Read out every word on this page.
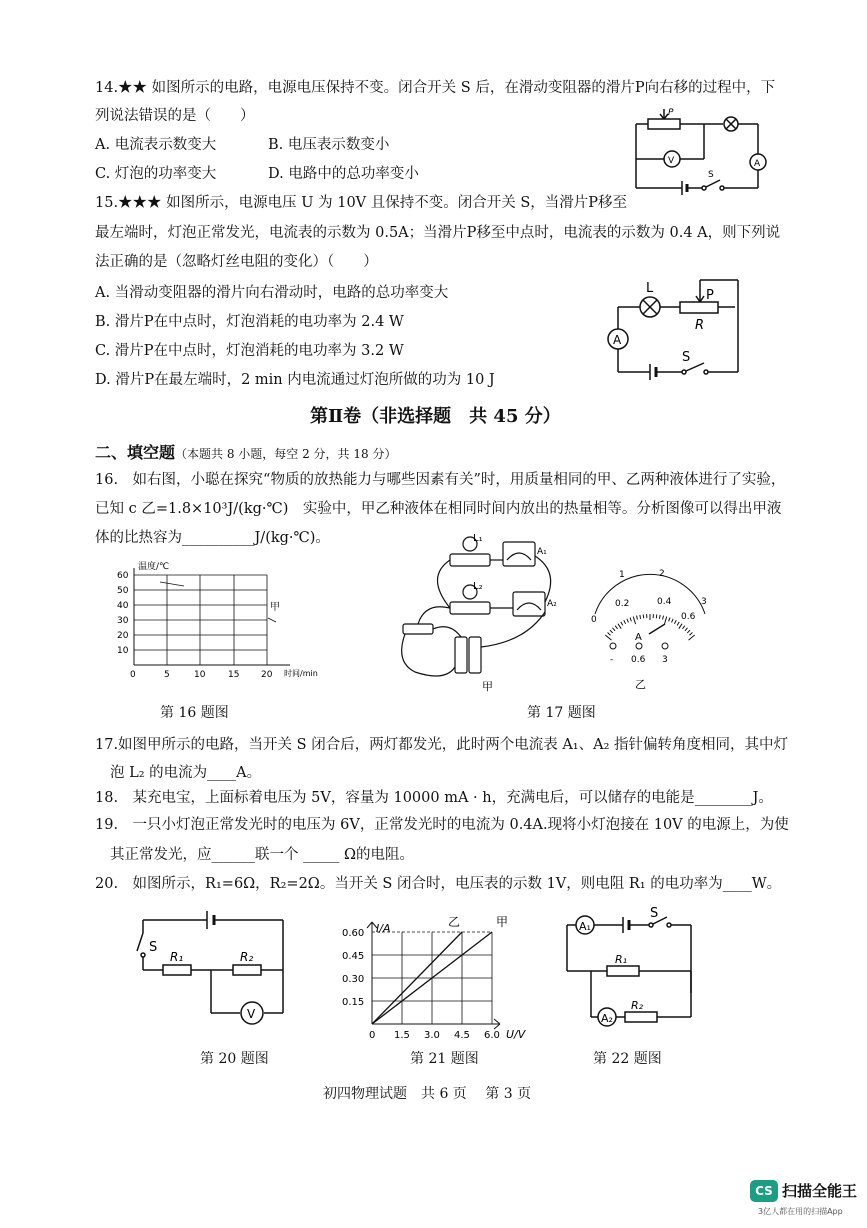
14.★★ 如图所示的电路，电源电压保持不变。闭合开关 S 后，在滑动变阻器的滑片P向右移的过程中，下
列说法错误的是（　　）
A. 电流表示数变大	B. 电压表示数变小
C. 灯泡的功率变大	D. 电路中的总功率变小
P
V	A
S
15.★★★ 如图所示，电源电压 U 为 10V 且保持不变。闭合开关 S，当滑片P移至
最左端时，灯泡正常发光，电流表的示数为 0.5A；当滑片P移至中点时，电流表的示数为 0.4 A，则下列说
法正确的是（忽略灯丝电阻的变化）（　　）
A. 当滑动变阻器的滑片向右滑动时，电路的总功率变大
B. 滑片P在中点时，灯泡消耗的电功率为 2.4 W
C. 滑片P在中点时，灯泡消耗的电功率为 3.2 W
D. 滑片P在最左端时，2 min 内电流通过灯泡所做的功为 10 J
L	P
R
A
S
第Ⅱ卷（非选择题　共 45 分）
二、填空题（本题共 8 小题，每空 2 分，共 18 分）
16.　如右图，小聪在探究“物质的放热能力与哪些因素有关”时，用质量相同的甲、乙两种液体进行了实验，
已知 c 乙=1.8×10³J/(kg·℃)　实验中，甲乙种液体在相同时间内放出的热量相等。分析图像可以得出甲液
体的比热容为__________J/(kg·℃)。
温度/℃
时间/min
60
50
40
30
20
10
0	5	10	15 20
甲
第 16 题图
L₁
L₂
A₁
A₂
甲
0
1	2
3
0.2	0.4
0.6
A
- 0.6 3
乙
第 17 题图
17.如图甲所示的电路，当开关 S 闭合后，两灯都发光，此时两个电流表 A₁、A₂ 指针偏转角度相同，其中灯
泡 L₂ 的电流为____A。
18.　某充电宝，上面标着电压为 5V，容量为 10000 mA · h，充满电后，可以储存的电能是________J。
19.　一只小灯泡正常发光时的电压为 6V，正常发光时的电流为 0.4A.现将小灯泡接在 10V 的电源上，为使
其正常发光，应______联一个 _____ Ω的电阻。
20.　如图所示，R₁=6Ω，R₂=2Ω。当开关 S 闭合时，电压表的示数 1V，则电阻 R₁ 的电功率为____W。
S
R₁	R₂
V
第 20 题图
I/A
U/V
0 1.5 3.0 4.5 6.0
0.60
0.45
0.30
0.15
甲
乙
第 21 题图
A₁
S
R₁
A₂
R₂
第 22 题图
初四物理试题　共 6 页　 第 3 页
CS 扫描全能王
3亿人都在用的扫描App
